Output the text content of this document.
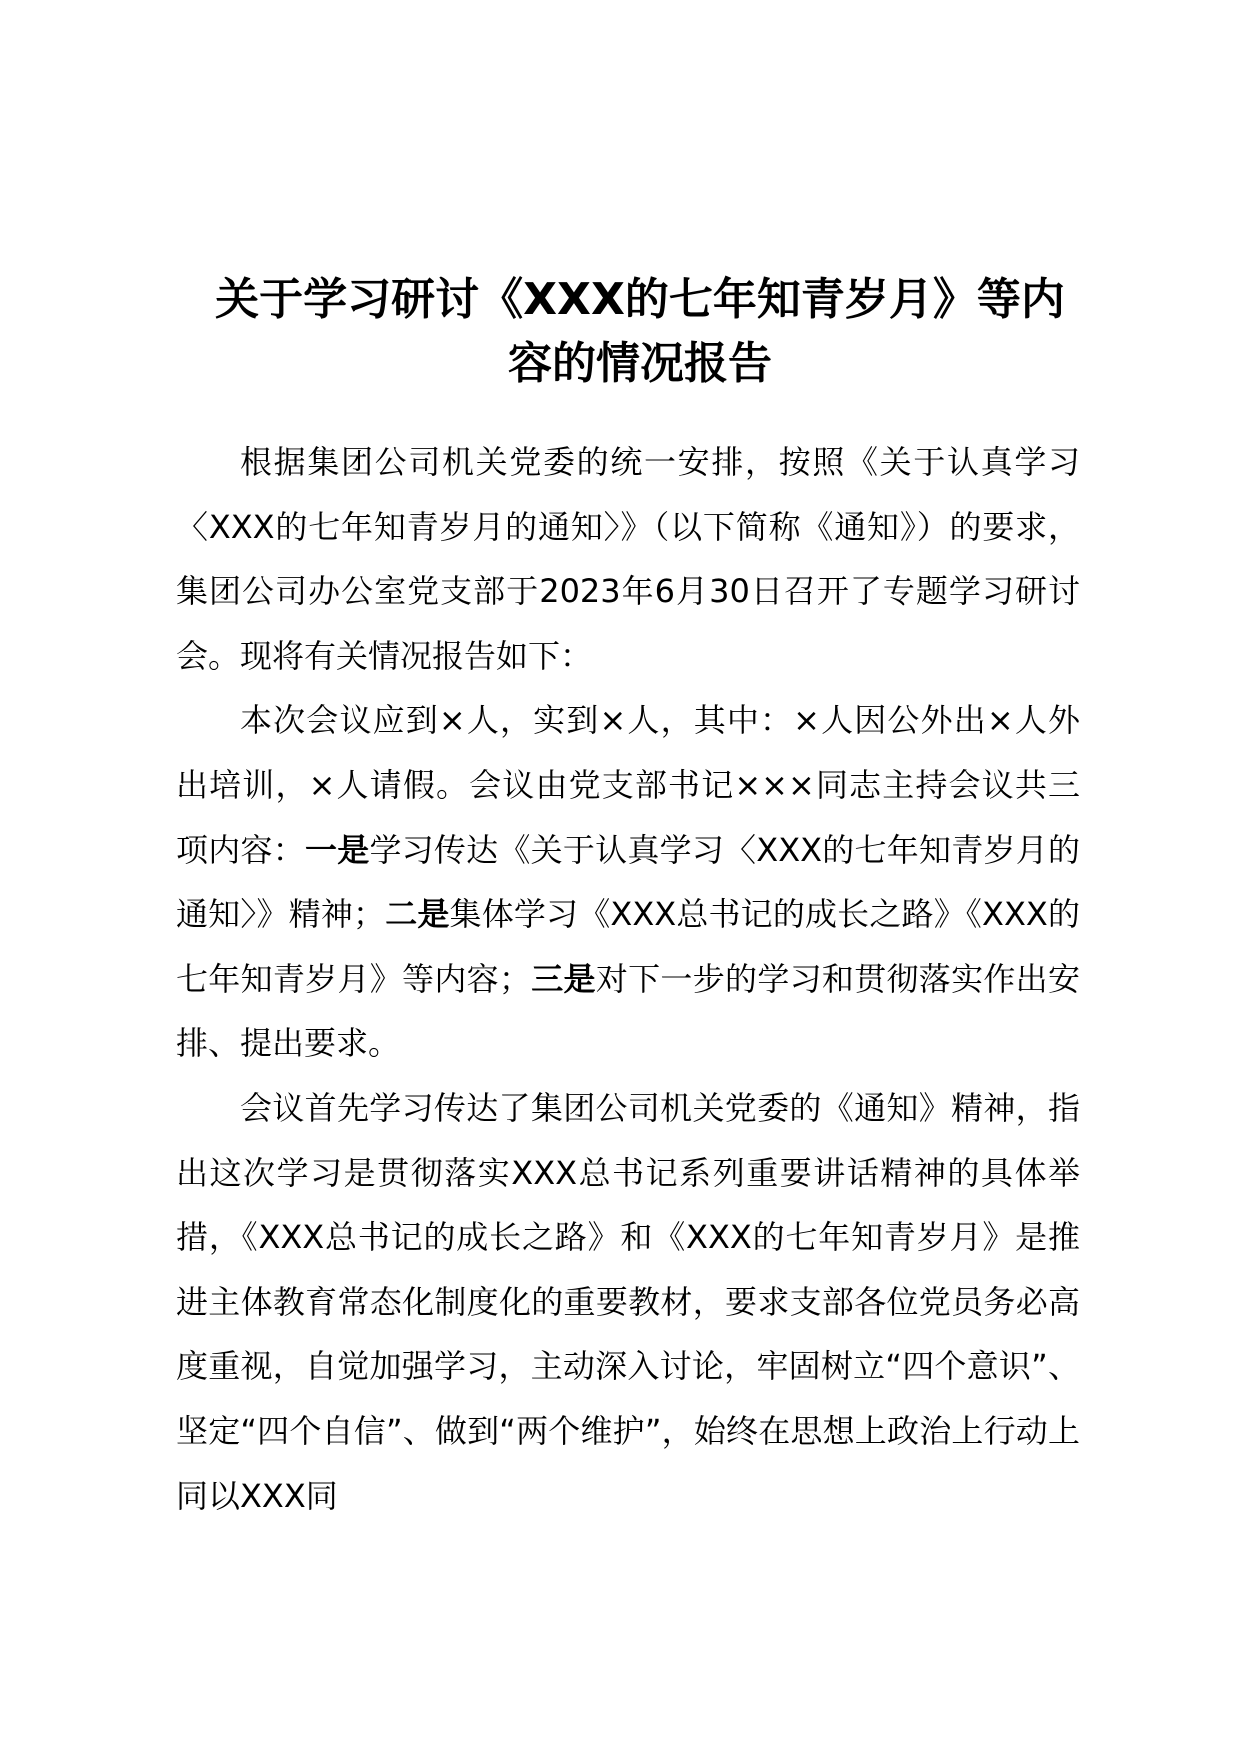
关于学习研讨《XXX的七年知青岁月》等内
容的情况报告

根据集团公司机关党委的统一安排，按照《关于认真学习〈XXX的七年知青岁月的通知〉》（以下简称《通知》）的要求，集团公司办公室党支部于2023年6月30日召开了专题学习研讨会。现将有关情况报告如下：

本次会议应到×人，实到×人，其中：×人因公外出×人外出培训，×人请假。会议由党支部书记×××同志主持会议共三项内容：一是学习传达《关于认真学习〈XXX的七年知青岁月的通知〉》精神；二是集体学习《XXX总书记的成长之路》《XXX的七年知青岁月》等内容；三是对下一步的学习和贯彻落实作出安排、提出要求。

会议首先学习传达了集团公司机关党委的《通知》精神，指出这次学习是贯彻落实XXX总书记系列重要讲话精神的具体举措，《XXX总书记的成长之路》和《XXX的七年知青岁月》是推进主体教育常态化制度化的重要教材，要求支部各位党员务必高度重视，自觉加强学习，主动深入讨论，牢固树立“四个意识”、坚定“四个自信”、做到“两个维护”，始终在思想上政治上行动上同以XXX同
